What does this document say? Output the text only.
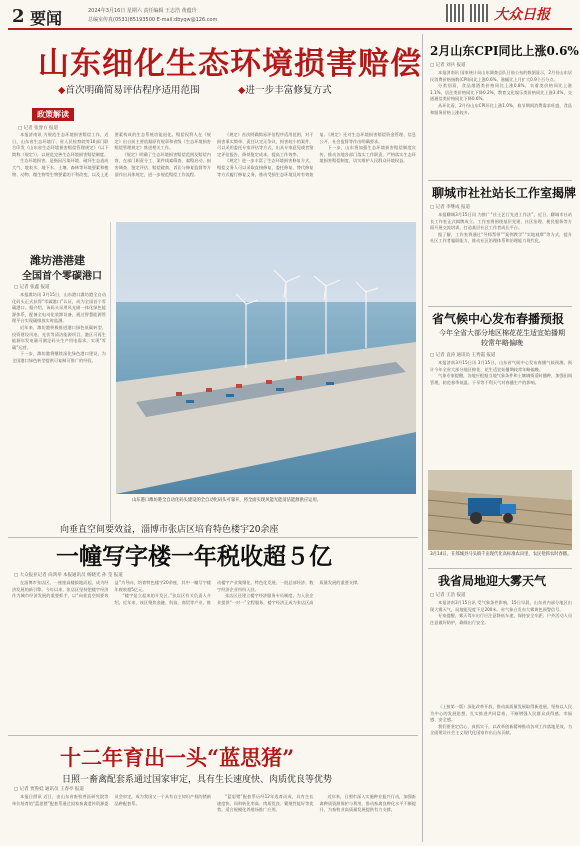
2 要闻	2024年3月16日 星期六 责任编辑 王志浩 黄蕴玲
总编室传真(0531)85193500 E-mail:dbyqw@126.com	大众日报
山东细化生态环境损害赔偿
◆首次明确简易评估程序适用范围	◆进一步丰富修复方式
政策解读
□ 记者 张誉方 报道

本报济南讯 为规范生态环境损害赔偿工作，近日，山东省生态环境厅、省人民检察院等10部门联合印发《山东省生态环境损害赔偿管理规定》（以下简称《规定》），以规范完善生态环境损害赔偿制度。

生态环境损害，是指因污染环境、破坏生态造成大气、地表水、地下水、土壤、森林等环境要素和植物、动物、微生物等生物要素的不利改变，以及上述要素构成的生态系统功能退化。赔偿权利人在《规定》出台前主要依据原有规章和省级《生态环境损害赔偿管理规定》推进相关工作。

《规定》明确了生态环境损害赔偿范围及赔偿内容，在部门职责分工、案件线索筛查、索赔启动、损害调查、鉴定评估、赔偿磋商、诉讼与修复监督等方面作出具体规定，进一步规范赔偿工作流程。

《规定》首次明确简易评估程序适用范围，对于损害事实简单、责任认定无争议、损害较小的案件，可以采用委托专家评估等方式，出具专家意见或者鉴定评估报告，降低鉴定成本，提高工作效率。

《规定》进一步丰富了生态环境损害修复方式，赔偿义务人可以采取直接修复、委托修复、替代修复等方式履行修复义务，推动受损生态环境及时有效恢复。《规定》还对生态环境损害赔偿资金管理、信息公开、社会监督等作出明确要求。

下一步，山东将加强生态环境损害赔偿制度宣传，推动各地各部门落实工作职责，严格落实生态环境损害赔偿制度，切实维护人民群众环境权益。

潍坊港港建
全国首个零碳港口
□ 记者 张鑫 报道

本报潍坊讯 3月15日，山东港口潍坊港全自动化码头正式获得“零碳港口”认证，成为全国首个零碳港口。据介绍，该码头采用风光储一体化绿色能源体系，配备全电动化装卸设备，通过智慧能源管理平台实现碳排放实时监测。

近年来，潍坊港积极推进港口绿色低碳转型，投资建设风电、光伏等清洁能源项目，港区可再生能源年发电量可满足码头生产用电需求，实现“零碳”运营。

下一步，潍坊港将继续深化绿色港口建设，为全国港口绿色转型提供可复制可推广的经验。

山东港口潍坊港全自动化码头建设的全自动化码头可靠开，将全面实现风能光能清洁能源供应运用。
向垂直空间要效益，淄博市张店区培育特色楼宇20余座
一幢写字楼一年税收超５亿
□ 大众报业记者 尚鸿举 本报通讯员 杨晓光 孙 莹 报道

在淄博市张店区，一座座高楼拔地而起，成为经济发展的新引擎。今年以来，张店区坚持把楼宇经济作为城市经济发展的重要抓手，以“向垂直空间要效益”为导向，培育特色楼宇20余座，其中一幢写字楼年税收超5亿元。

“楼宇是立起来的开发区。”张店区有关负责人介绍，近年来，该区聚焦金融、科技、商贸等产业，推动楼宇产业集聚化、特色化发展，一批总部经济、数字经济企业纷纷入驻。

张店区还建立楼宇经济服务专员制度，为入驻企业提供“一对一”全程服务，楼宇经济正成为张店区高质量发展的重要支撑。

十二年育出一头“蓝思猪”
日照一畜禽配套系通过国家审定，具有生长速度快、肉质优良等优势
□ 记者 贾鲁娃 通讯员 王春亭 报道

本报日照讯 近日，由山东省畜牧兽医研究院等单位培育的“蓝思猪”配套系通过国家畜禽遗传资源委员会审定，成为我国又一个具有自主知识产权的猪新品种配套系。

“蓝思猪”配套系历经12年选育而成，具有生长速度快、饲料转化率高、肉质优良、繁殖性能好等优势，适合规模化养殖场推广应用。

近年来，日照市深入实施种业振兴行动，加强畜禽种质资源保护与利用，推动畜禽良种化水平不断提升，为畜牧业高质量发展提供有力支撑。

2月山东CPI同比上涨0.6%
□ 记者 刘兵 报道

本报济南讯 国家统计局山东调查总队日前公布的数据显示，2月份山东居民消费价格指数(CPI)同比上涨0.6%，涨幅比上月扩大0.9个百分点。

分类别看，食品烟酒类价格同比上涨0.8%，衣着类价格同比上涨1.1%，居住类价格同比下降0.2%，教育文化娱乐类价格同比上涨3.4%，交通通信类价格同比下降0.6%。

从环比看，2月份山东CPI环比上涨1.0%，春节期间消费需求旺盛，食品和服务价格上涨较多。

聊城市社社站长工作室揭牌
□ 记者 李继成 报道

本报聊城3月15日讯 为推广“社士艺行先进工作法”，近日，聊城市社站长工作室正式揭牌成立。工作室将围绕基层党建、社区治理、便民服务等方面开展交流培训，打造基层社区工作者成长平台。

据了解，工作室将通过“导师帮带”“案例教学”“实地观摩”等方式，提升社区工作者履职能力，推动社区治理体系和治理能力现代化。

省气候中心发布春播预报
今年全省大部分地区棉花花生适宜始播期较常年略偏晚
□ 记者 袁涛 通讯员 王秀霞 报道

本报济南3月15日讯 3月15日，山东省气候中心发布春播气候预测。预计今年全省大部分地区棉花、花生适宜始播期较常年略偏晚。

气象专家提醒，各地应根据当地气象条件和土壤墒情适时播种，加强田间管理，防范春季低温、干旱等不利天气对春播生产的影响。

3月14日，在郯城县马头镇千亩现代化高标准农田里，农民抢抓农时春播。
我省局地迎大雾天气
□ 记者 王浩 报道

本报济南3月15日讯 受气象条件影响，15日早晨，山东省内部分地区出现大雾天气，局地能见度不足200米。省气象台发布大雾黄色预警信号。

专家提醒，雾天驾车出行应注意降低车速，保持安全车距；户外活动人员注意做好防护，确保出行安全。

（上接第一版）深化改革开放，推动高质量发展取得新进展。坚持以人民为中心的发展思想，扎实推进共同富裕，不断增强人民群众获得感、幸福感、安全感。

我们要坚定信心、真抓实干，以改革创新精神推动各项工作落地见效，为全面建设社会主义现代化国家作出山东贡献。
